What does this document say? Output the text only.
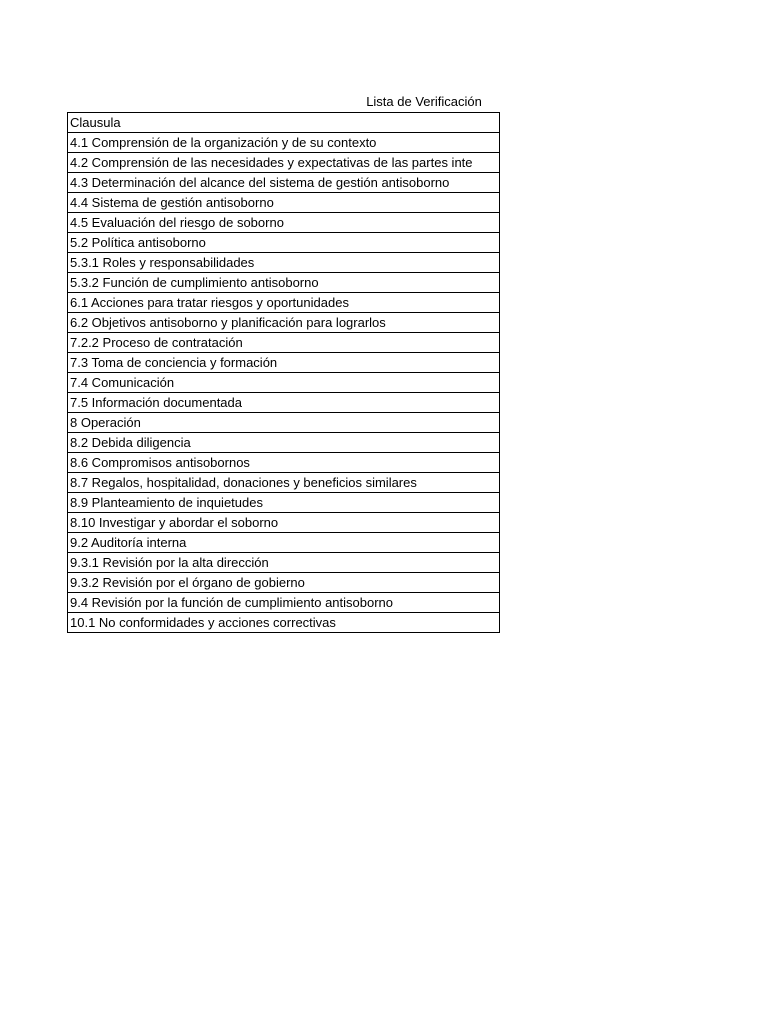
Lista de Verificación
Clausula
4.1 Comprensión de la organización y de su contexto
4.2 Comprensión de las necesidades y expectativas de las partes inte
4.3 Determinación del alcance del sistema de gestión antisoborno
4.4 Sistema de gestión antisoborno
4.5 Evaluación del riesgo de soborno
5.2 Política antisoborno
5.3.1 Roles y responsabilidades
5.3.2 Función de cumplimiento antisoborno
6.1 Acciones para tratar riesgos y oportunidades
6.2 Objetivos antisoborno y planificación para lograrlos
7.2.2 Proceso de contratación
7.3 Toma de conciencia y formación
7.4 Comunicación
7.5 Información documentada
8 Operación
8.2 Debida diligencia
8.6 Compromisos antisobornos
8.7 Regalos, hospitalidad, donaciones y beneficios similares
8.9 Planteamiento de inquietudes
8.10 Investigar y abordar el soborno
9.2 Auditoría interna
9.3.1 Revisión por la alta dirección
9.3.2 Revisión por el órgano de gobierno
9.4 Revisión por la función de cumplimiento antisoborno
10.1 No conformidades y acciones correctivas
